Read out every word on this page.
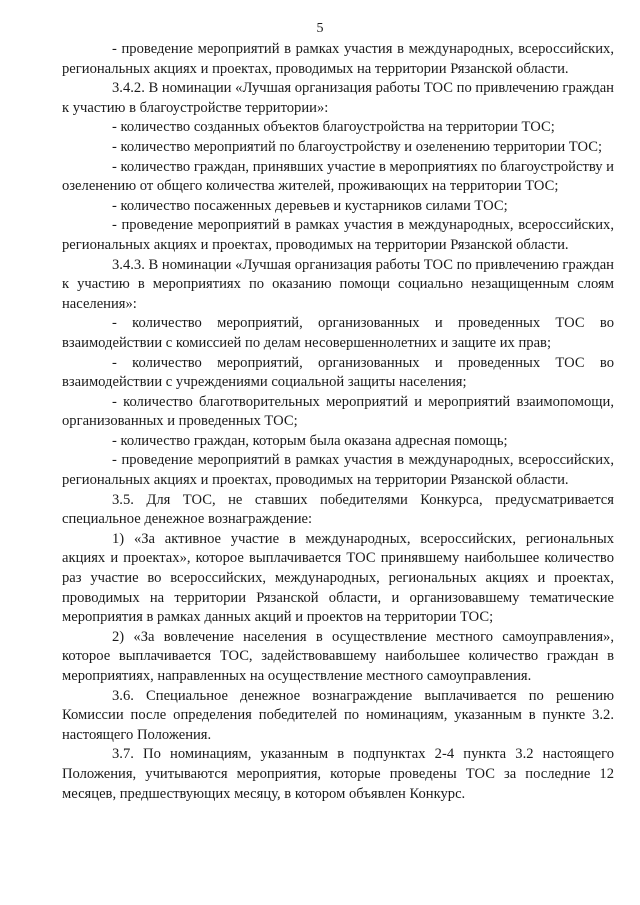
5

- проведение мероприятий в рамках участия в международных, всероссийских, региональных акциях и проектах, проводимых на территории Рязанской области.

3.4.2. В номинации «Лучшая организация работы ТОС по привлечению граждан к участию в благоустройстве территории»:

- количество созданных объектов благоустройства на территории ТОС;

- количество мероприятий по благоустройству и озеленению территории ТОС;

- количество граждан, принявших участие в мероприятиях по благоустройству и озеленению от общего количества жителей, проживающих на территории ТОС;

- количество посаженных деревьев и кустарников силами ТОС;

- проведение мероприятий в рамках участия в международных, всероссийских, региональных акциях и проектах, проводимых на территории Рязанской области.

3.4.3. В номинации «Лучшая организация работы ТОС по привлечению граждан к участию в мероприятиях по оказанию помощи социально незащищенным слоям населения»:

- количество мероприятий, организованных и проведенных ТОС во взаимодействии с комиссией по делам несовершеннолетних и защите их прав;

- количество мероприятий, организованных и проведенных ТОС во взаимодействии с учреждениями социальной защиты населения;

- количество благотворительных мероприятий и мероприятий взаимопомощи, организованных и проведенных ТОС;

- количество граждан, которым была оказана адресная помощь;

- проведение мероприятий в рамках участия в международных, всероссийских, региональных акциях и проектах, проводимых на территории Рязанской области.

3.5. Для ТОС, не ставших победителями Конкурса, предусматривается специальное денежное вознаграждение:

1) «За активное участие в международных, всероссийских, региональных акциях и проектах», которое выплачивается ТОС принявшему наибольшее количество раз участие во всероссийских, международных, региональных акциях и проектах, проводимых на территории Рязанской области, и организовавшему тематические мероприятия в рамках данных акций и проектов на территории ТОС;

2) «За вовлечение населения в осуществление местного самоуправления», которое выплачивается ТОС, задействовавшему наибольшее количество граждан в мероприятиях, направленных на осуществление местного самоуправления.

3.6. Специальное денежное вознаграждение выплачивается по решению Комиссии после определения победителей по номинациям, указанным в пункте 3.2. настоящего Положения.

3.7. По номинациям, указанным в подпунктах 2-4 пункта 3.2 настоящего Положения, учитываются мероприятия, которые проведены ТОС за последние 12 месяцев, предшествующих месяцу, в котором объявлен Конкурс.
